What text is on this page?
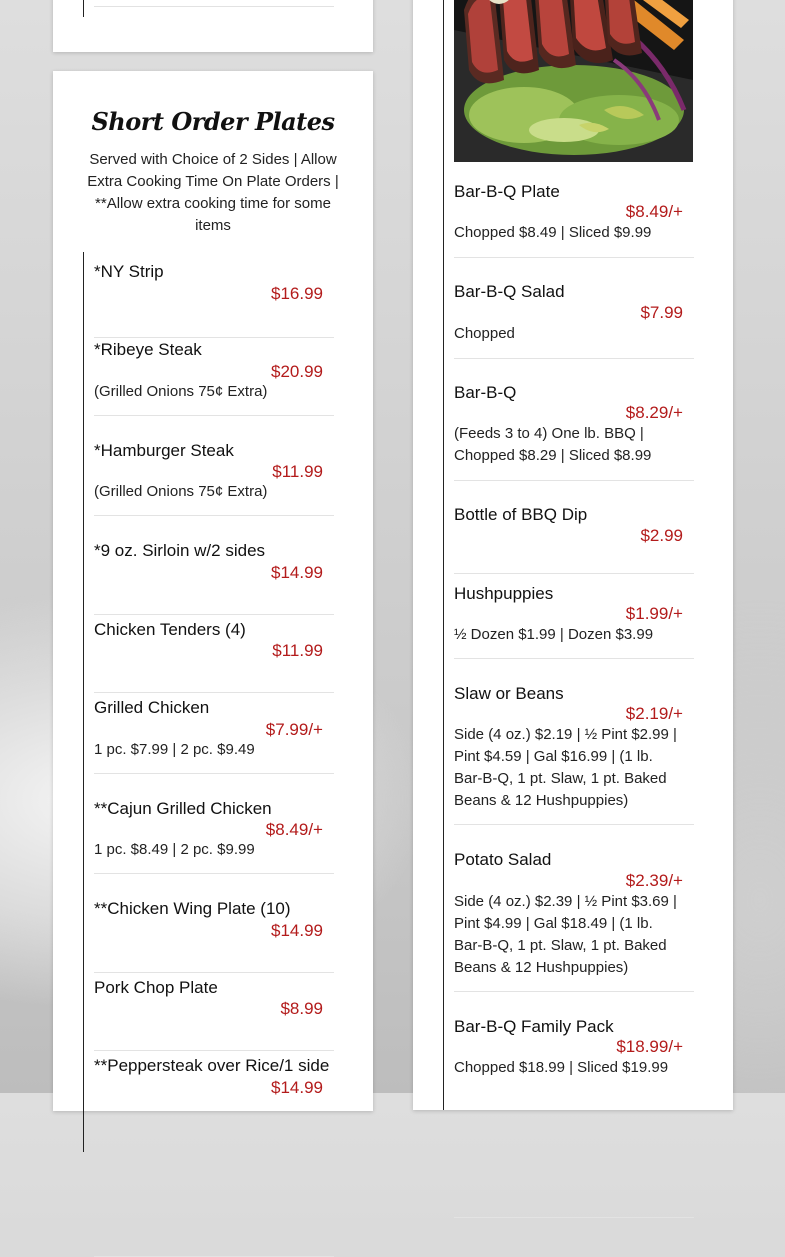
Short Order Plates
Served with Choice of 2 Sides | Allow Extra Cooking Time On Plate Orders | **Allow extra cooking time for some items
*NY Strip
$16.99
*Ribeye Steak
$20.99
(Grilled Onions 75¢ Extra)
*Hamburger Steak
$11.99
(Grilled Onions 75¢ Extra)
*9 oz. Sirloin w/2 sides
$14.99
Chicken Tenders (4)
$11.99
Grilled Chicken
$7.99/+
1 pc. $7.99 | 2 pc. $9.49
**Cajun Grilled Chicken
$8.49/+
1 pc. $8.49 | 2 pc. $9.99
**Chicken Wing Plate (10)
$14.99
Pork Chop Plate
$8.99
**Peppersteak over Rice/1 side
$14.99
Bar-B-Q Plate
$8.49/+
Chopped $8.49 | Sliced $9.99
Bar-B-Q Salad
$7.99
Chopped
Bar-B-Q
$8.29/+
(Feeds 3 to 4) One lb. BBQ | Chopped $8.29 | Sliced $8.99
Bottle of BBQ Dip
$2.99
Hushpuppies
$1.99/+
½ Dozen $1.99 | Dozen $3.99
Slaw or Beans
$2.19/+
Side (4 oz.) $2.19 | ½ Pint $2.99 | Pint $4.59 | Gal $16.99 | (1 lb. Bar-B-Q, 1 pt. Slaw, 1 pt. Baked Beans & 12 Hushpuppies)
Potato Salad
$2.39/+
Side (4 oz.) $2.39 | ½ Pint $3.69 | Pint $4.99 | Gal $18.49 | (1 lb. Bar-B-Q, 1 pt. Slaw, 1 pt. Baked Beans & 12 Hushpuppies)
Bar-B-Q Family Pack
$18.99/+
Chopped $18.99 | Sliced $19.99
